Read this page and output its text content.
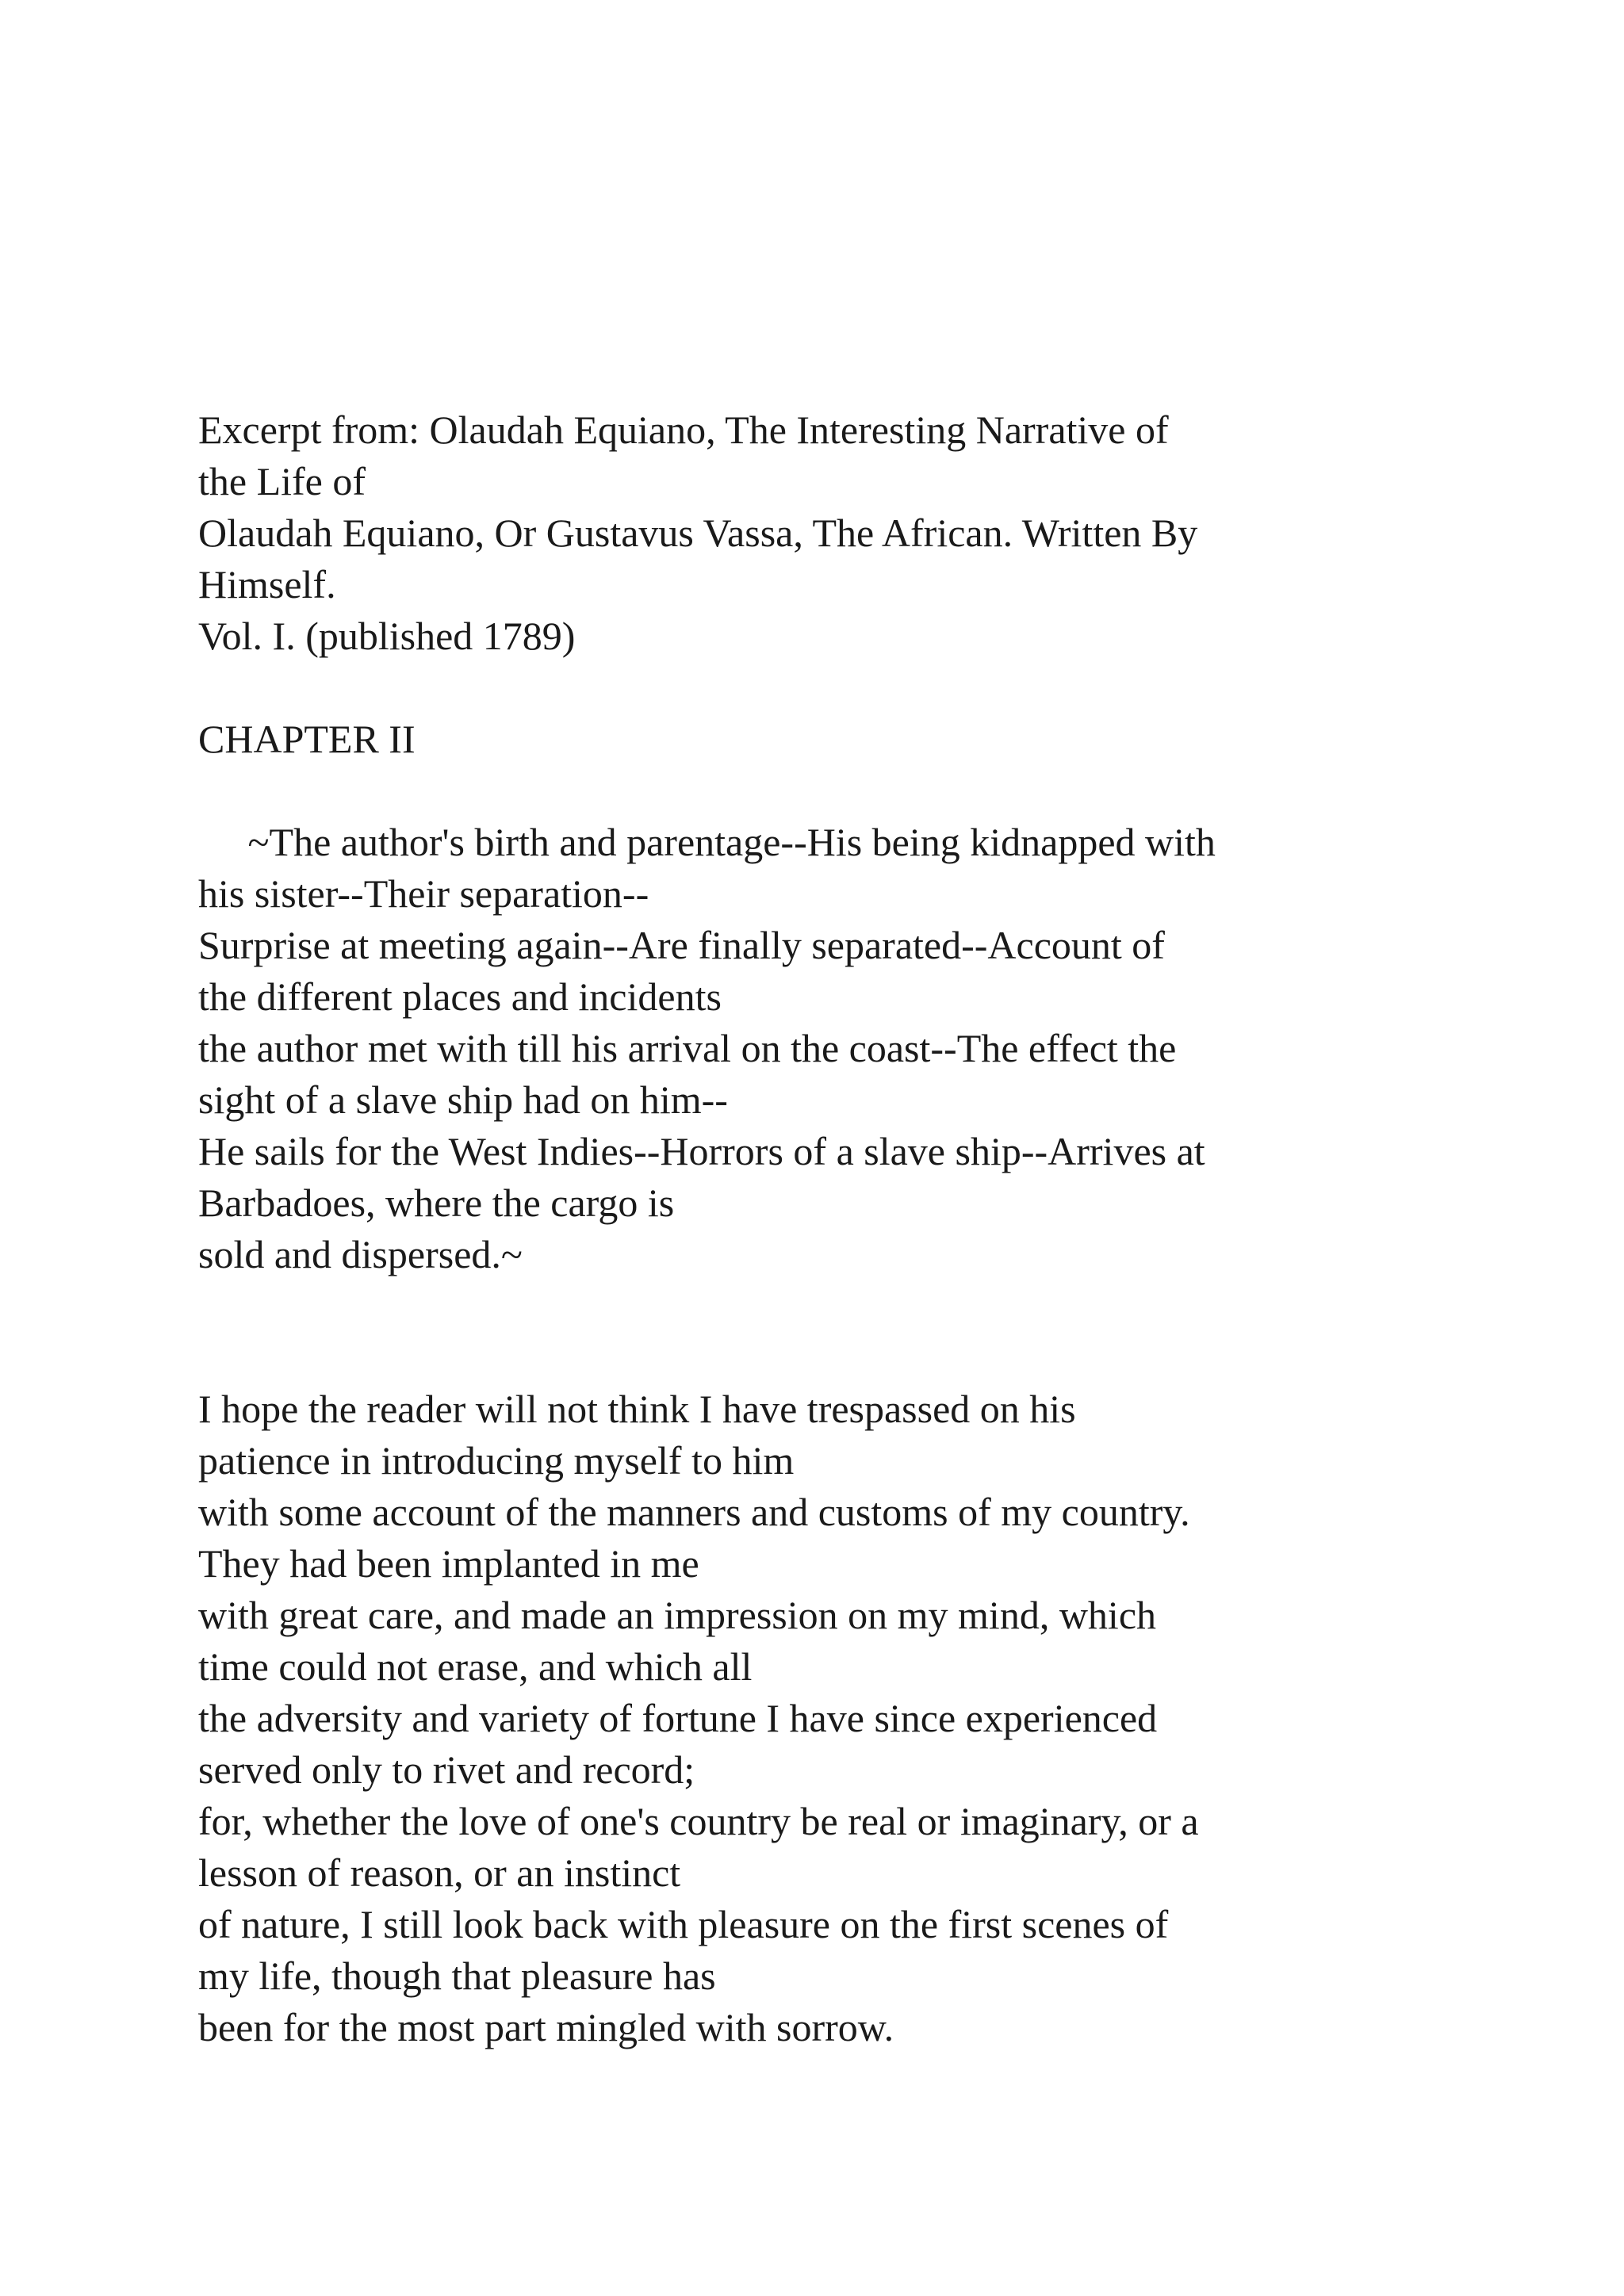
Excerpt from: Olaudah Equiano, The Interesting Narrative of
the Life of
Olaudah Equiano, Or Gustavus Vassa, The African. Written By
Himself.
Vol. I. (published 1789)
CHAPTER II
~The author's birth and parentage--His being kidnapped with
his sister--Their separation--
Surprise at meeting again--Are finally separated--Account of
the different places and incidents
the author met with till his arrival on the coast--The effect the
sight of a slave ship had on him--
He sails for the West Indies--Horrors of a slave ship--Arrives at
Barbadoes, where the cargo is
sold and dispersed.~
I hope the reader will not think I have trespassed on his
patience in introducing myself to him
with some account of the manners and customs of my country.
They had been implanted in me
with great care, and made an impression on my mind, which
time could not erase, and which all
the adversity and variety of fortune I have since experienced
served only to rivet and record;
for, whether the love of one's country be real or imaginary, or a
lesson of reason, or an instinct
of nature, I still look back with pleasure on the first scenes of
my life, though that pleasure has
been for the most part mingled with sorrow.
